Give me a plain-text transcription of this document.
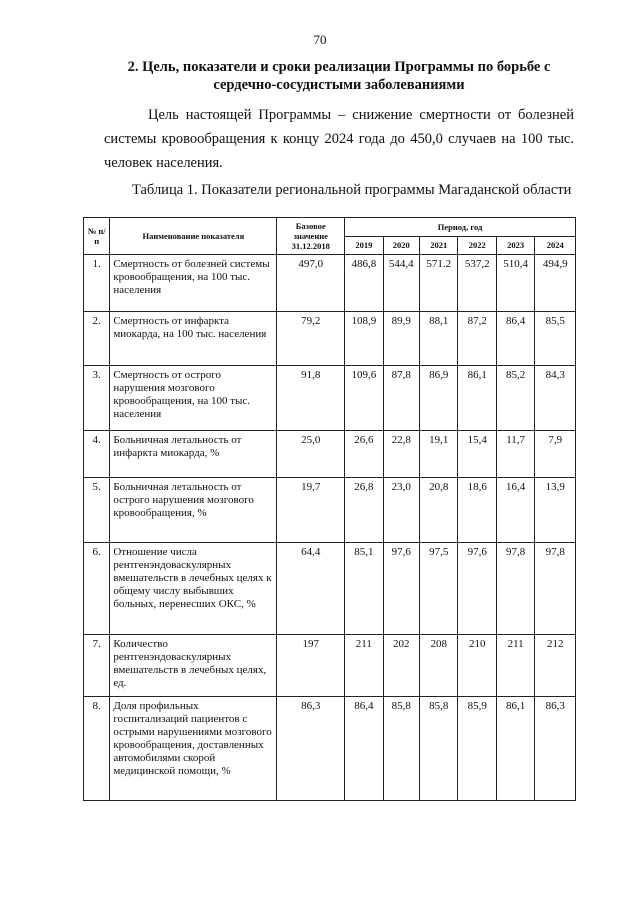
70
2. Цель, показатели и сроки реализации Программы по борьбе с сердечно-сосудистыми заболеваниями
Цель настоящей Программы – снижение смертности от болезней системы кровообращения к концу 2024 года до 450,0 случаев на 100 тыс. человек населения.
Таблица 1. Показатели региональной программы Магаданской области
№ п/п	Наименование показателя	Базовое значение 31.12.2018	Период, год					
			2019	2020	2021	2022	2023	2024
1.	Смертность от болезней системы кровообращения, на 100 тыс. населения	497,0	486,8	544,4	571.2	537,2	510,4	494,9
2.	Смертность от инфаркта миокарда, на 100 тыс. населения	79,2	108,9	89,9	88,1	87,2	86,4	85,5
3.	Смертность от острого нарушения мозгового кровообращения, на 100 тыс. населения	91,8	109,6	87,8	86,9	86,1	85,2	84,3
4.	Больничная летальность от инфаркта миокарда, %	25,0	26,6	22,8	19,1	15,4	11,7	7,9
5.	Больничная летальность от острого нарушения мозгового кровообращения, %	19,7	26,8	23,0	20,8	18,6	16,4	13,9
6.	Отношение числа рентгенэндоваскулярных вмешательств в лечебных целях к общему числу выбывших больных, перенесших ОКС, %	64,4	85,1	97,6	97,5	97,6	97,8	97,8
7.	Количество рентгенэндоваскулярных вмешательств в лечебных целях, ед.	197	211	202	208	210	211	212
8.	Доля профильных госпитализаций пациентов с острыми нарушениями мозгового кровообращения, доставленных автомобилями скорой медицинской помощи, %	86,3	86,4	85,8	85,8	85,9	86,1	86,3
